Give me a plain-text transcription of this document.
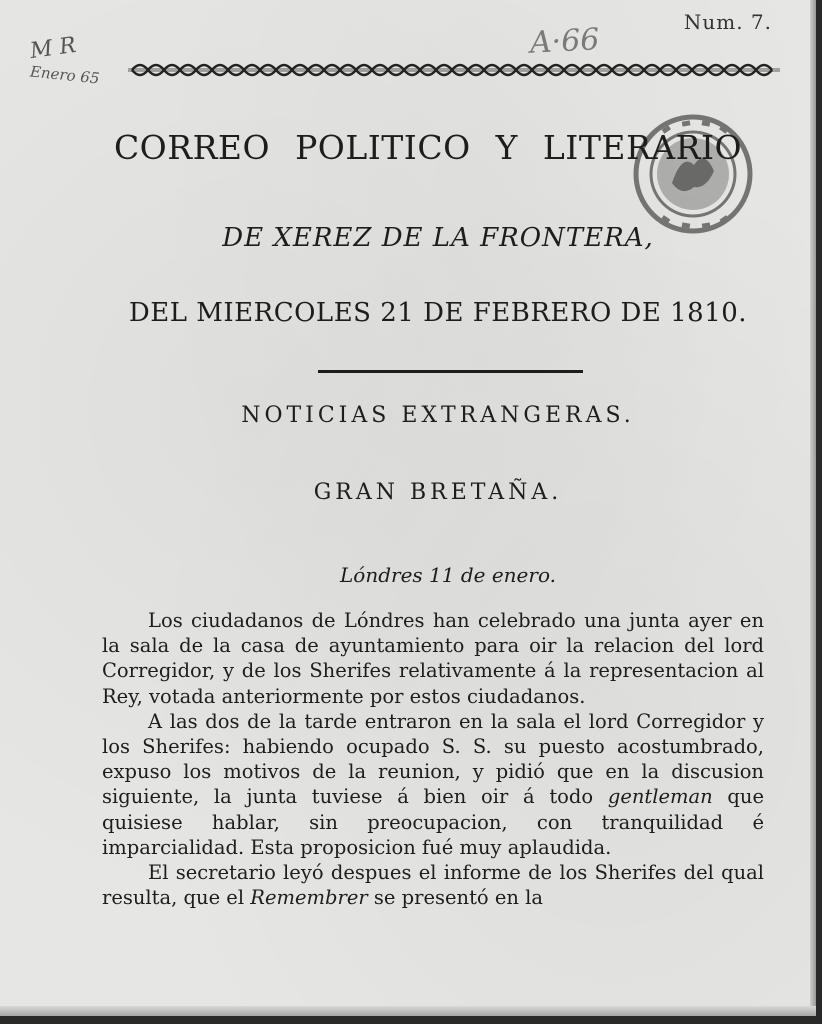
Num. 7.
M R
Enero 65
A·66
CORREO POLITICO Y LITERARIO
DE XEREZ DE LA FRONTERA,
DEL MIERCOLES 21 DE FEBRERO DE 1810.
NOTICIAS EXTRANGERAS.
GRAN BRETAÑA.
Lóndres 11 de enero.

Los ciudadanos de Lóndres han celebrado una junta ayer en la sala de la casa de ayuntamiento para oir la relacion del lord Corregidor, y de los Sherifes relativamente á la representacion al Rey, votada anteriormente por estos ciudadanos.

A las dos de la tarde entraron en la sala el lord Corregidor y los Sherifes: habiendo ocupado S. S. su puesto acostumbrado, expuso los motivos de la reunion, y pidió que en la discusion siguiente, la junta tuviese á bien oir á todo gentleman que quisiese hablar, sin preocupacion, con tranquilidad é imparcialidad. Esta proposicion fué muy aplaudida.

El secretario leyó despues el informe de los Sherifes del qual resulta, que el Remembrer se presentó en la
